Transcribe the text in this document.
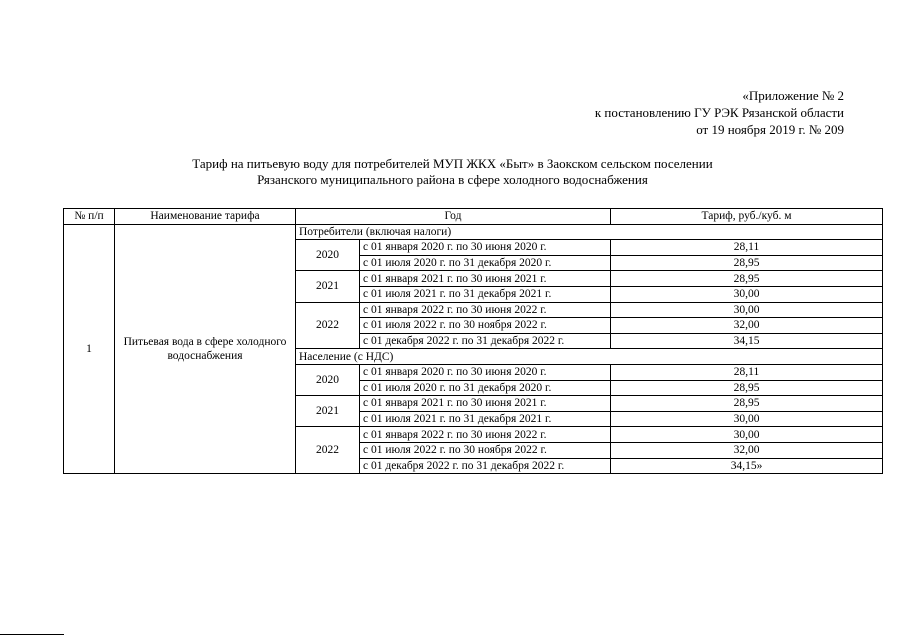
«Приложение № 2
к постановлению ГУ РЭК Рязанской области
от 19 ноября 2019 г. № 209
Тариф на питьевую воду для потребителей МУП ЖКХ «Быт» в Заокском сельском поселении
Рязанского муниципального района в сфере холодного водоснабжения
№ п/п	Наименование тарифа	Год		Тариф, руб./куб. м
1	Питьевая вода в сфере холодного водоснабжения	Потребители (включая налоги)		
		2020	с 01 января 2020 г. по 30 июня 2020 г.	28,11
			с 01 июля 2020 г. по 31 декабря 2020 г.	28,95
		2021	с 01 января 2021 г. по 30 июня 2021 г.	28,95
			с 01 июля 2021 г. по 31 декабря 2021 г.	30,00
		2022	с 01 января 2022 г. по 30 июня 2022 г.	30,00
			с 01 июля 2022 г. по 30 ноября 2022 г.	32,00
			с 01 декабря 2022 г. по 31 декабря 2022 г.	34,15
		Население (с НДС)		
		2020	с 01 января 2020 г. по 30 июня 2020 г.	28,11
			с 01 июля 2020 г. по 31 декабря 2020 г.	28,95
		2021	с 01 января 2021 г. по 30 июня 2021 г.	28,95
			с 01 июля 2021 г. по 31 декабря 2021 г.	30,00
		2022	с 01 января 2022 г. по 30 июня 2022 г.	30,00
			с 01 июля 2022 г. по 30 ноября 2022 г.	32,00
			с 01 декабря 2022 г. по 31 декабря 2022 г.	34,15»
